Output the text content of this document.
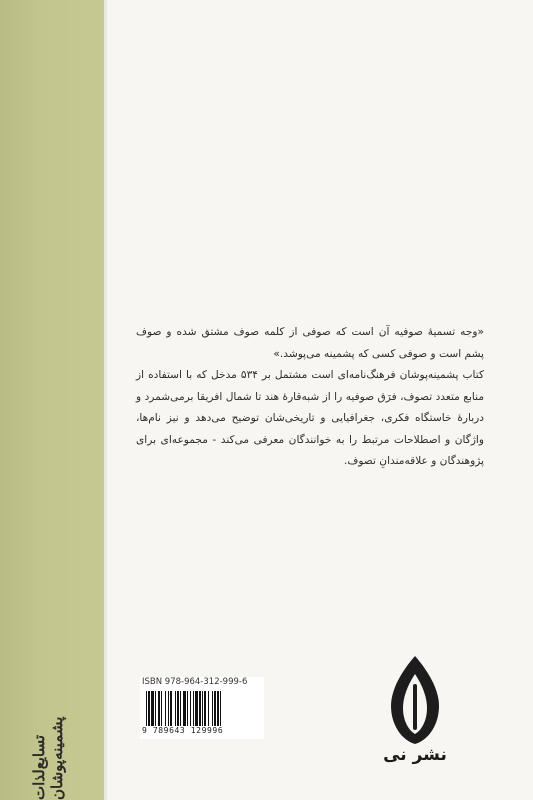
تسایع‌لذات پشمینه‌پوشان

«وجه تسمیهٔ صوفیه آن است که صوفی از کلمه صوف مشتق شده و صوف پشم است و صوفی کسی که پشمینه می‌پوشد.»

کتاب پشمینه‌پوشان فرهنگ‌نامه‌ای است مشتمل بر ۵۳۴ مدخل که با استفاده از منابع متعدد تصوف، فرَق صوفیه را از شبه‌قارهٔ هند تا شمال افریقا برمی‌شمرد و دربارهٔ خاستگاه فکری، جغرافیایی و تاریخی‌شان توضیح می‌دهد و نیز نام‌ها، واژگان و اصطلاحات مرتبط را به خوانندگان معرفی می‌کند - مجموعه‌ای برای پژوهندگان و علاقه‌مندانِ تصوف.

ISBN 978-964-312-999-6
9 789643 129996
نشر نی
